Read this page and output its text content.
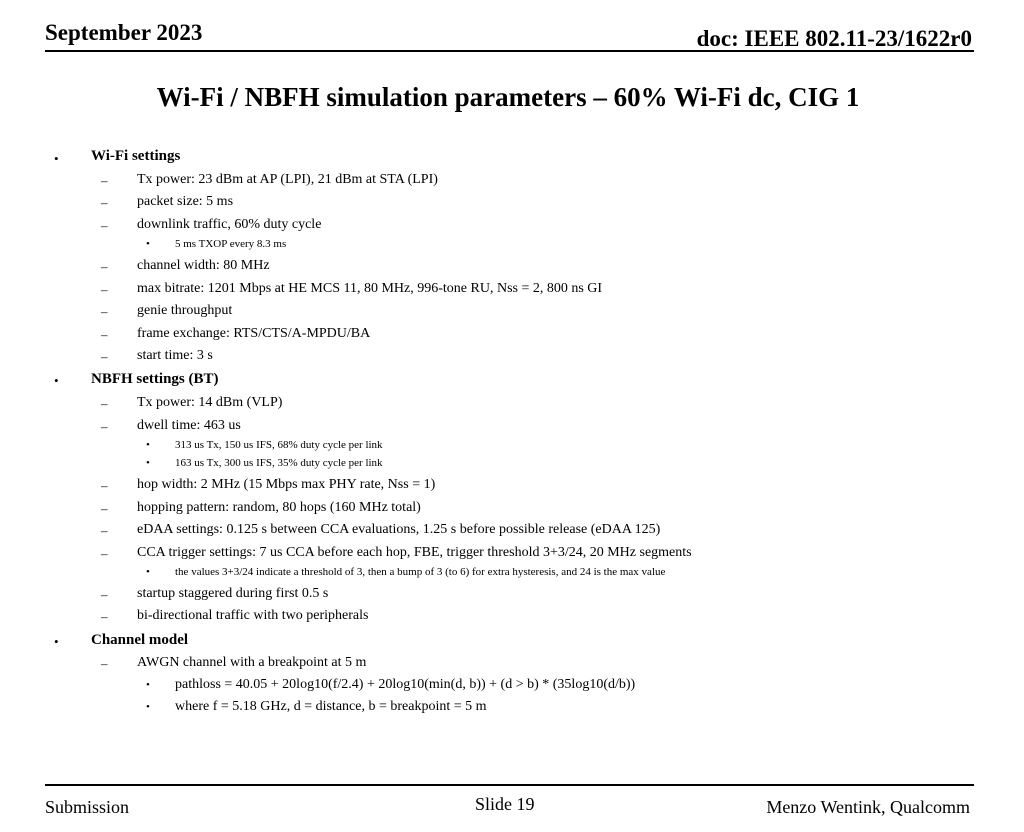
September 2023	doc: IEEE 802.11-23/1622r0
Wi-Fi / NBFH simulation parameters – 60% Wi-Fi dc, CIG 1
• Wi-Fi settings
– Tx power: 23 dBm at AP (LPI), 21 dBm at STA (LPI)
– packet size: 5 ms
– downlink traffic, 60% duty cycle
• 5 ms TXOP every 8.3 ms
– channel width: 80 MHz
– max bitrate: 1201 Mbps at HE MCS 11, 80 MHz, 996-tone RU, Nss = 2, 800 ns GI
– genie throughput
– frame exchange: RTS/CTS/A-MPDU/BA
– start time: 3 s
• NBFH settings (BT)
– Tx power: 14 dBm (VLP)
– dwell time: 463 us
• 313 us Tx, 150 us IFS, 68% duty cycle per link
• 163 us Tx, 300 us IFS, 35% duty cycle per link
– hop width: 2 MHz (15 Mbps max PHY rate, Nss = 1)
– hopping pattern: random, 80 hops (160 MHz total)
– eDAA settings: 0.125 s between CCA evaluations, 1.25 s before possible release (eDAA 125)
– CCA trigger settings: 7 us CCA before each hop, FBE, trigger threshold 3+3/24, 20 MHz segments
• the values 3+3/24 indicate a threshold of 3, then a bump of 3 (to 6) for extra hysteresis, and 24 is the max value
– startup staggered during first 0.5 s
– bi-directional traffic with two peripherals
• Channel model
– AWGN channel with a breakpoint at 5 m
• pathloss = 40.05 + 20log10(f/2.4) + 20log10(min(d, b)) + (d > b) * (35log10(d/b))
• where f = 5.18 GHz, d = distance, b = breakpoint = 5 m
Submission	Slide 19	Menzo Wentink, Qualcomm
